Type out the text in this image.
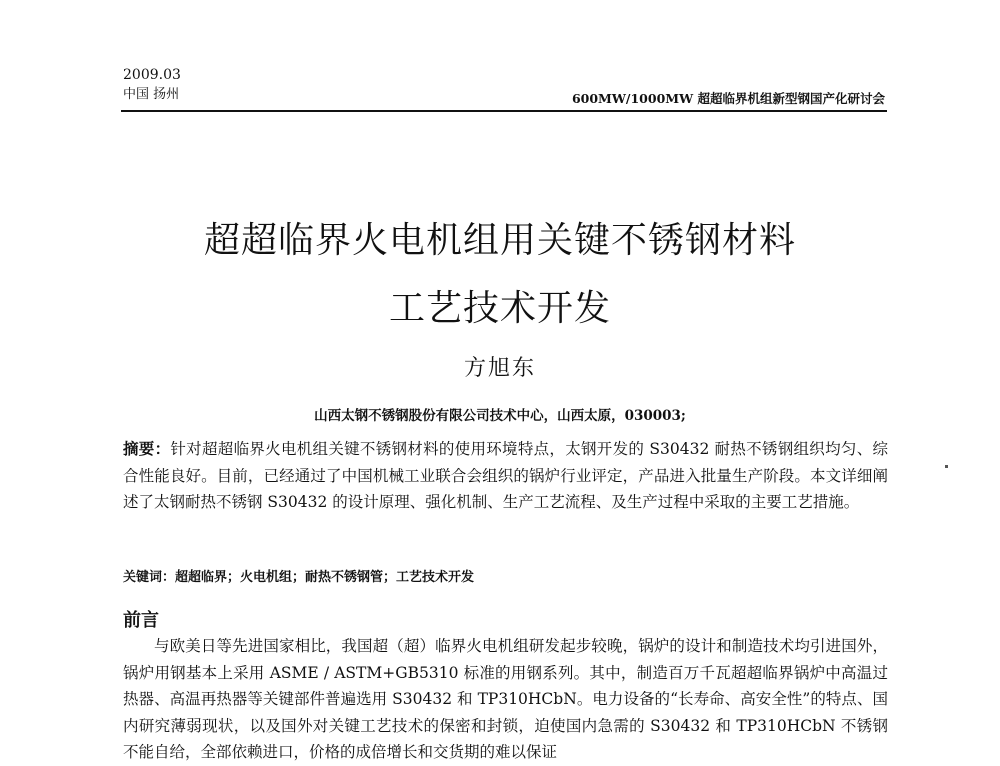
2009.03
中国 扬州	600MW/1000MW 超超临界机组新型钢国产化研讨会
超超临界火电机组用关键不锈钢材料
工艺技术开发
方旭东
山西太钢不锈钢股份有限公司技术中心，山西太原，030003;
摘要：针对超超临界火电机组关键不锈钢材料的使用环境特点，太钢开发的 S30432 耐热不锈钢组织均匀、综合性能良好。目前，已经通过了中国机械工业联合会组织的锅炉行业评定，产品进入批量生产阶段。本文详细阐述了太钢耐热不锈钢 S30432 的设计原理、强化机制、生产工艺流程、及生产过程中采取的主要工艺措施。
关键词：超超临界；火电机组；耐热不锈钢管；工艺技术开发
前言
与欧美日等先进国家相比，我国超（超）临界火电机组研发起步较晚，锅炉的设计和制造技术均引进国外，锅炉用钢基本上采用 ASME / ASTM+GB5310 标准的用钢系列。其中，制造百万千瓦超超临界锅炉中高温过热器、高温再热器等关键部件普遍选用 S30432 和 TP310HCbN。电力设备的“长寿命、高安全性”的特点、国内研究薄弱现状，以及国外对关键工艺技术的保密和封锁，迫使国内急需的 S30432 和 TP310HCbN 不锈钢不能自给，全部依赖进口，价格的成倍增长和交货期的难以保证
